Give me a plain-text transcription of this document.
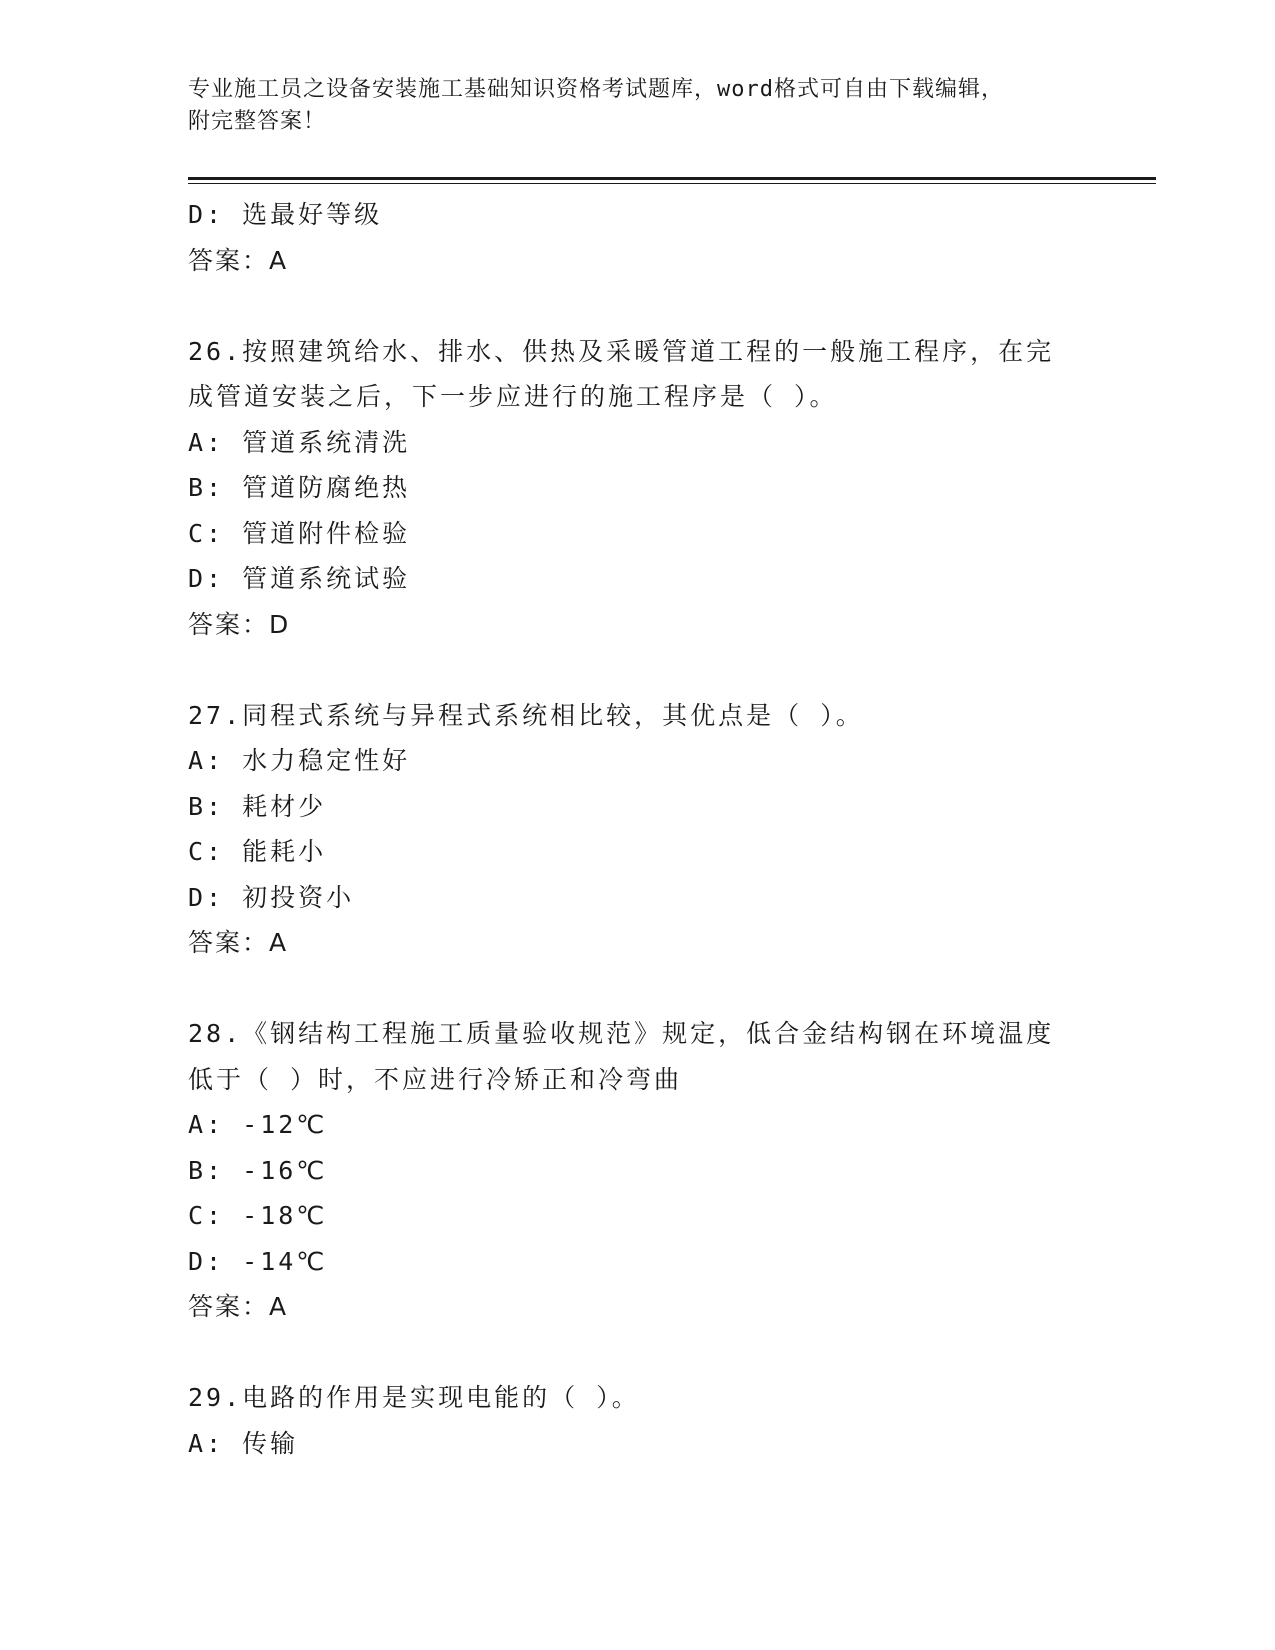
专业施工员之设备安装施工基础知识资格考试题库，word格式可自由下载编辑，
附完整答案！
D: 选最好等级
答案：A
26.按照建筑给水、排水、供热及采暖管道工程的一般施工程序，在完
成管道安装之后，下一步应进行的施工程序是（ ）。
A: 管道系统清洗
B: 管道防腐绝热
C: 管道附件检验
D: 管道系统试验
答案：D
27.同程式系统与异程式系统相比较，其优点是（ ）。
A: 水力稳定性好
B: 耗材少
C: 能耗小
D: 初投资小
答案：A
28.《钢结构工程施工质量验收规范》规定，低合金结构钢在环境温度
低于（ ）时，不应进行冷矫正和冷弯曲
A: -12℃
B: -16℃
C: -18℃
D: -14℃
答案：A
29.电路的作用是实现电能的（ ）。
A: 传输
